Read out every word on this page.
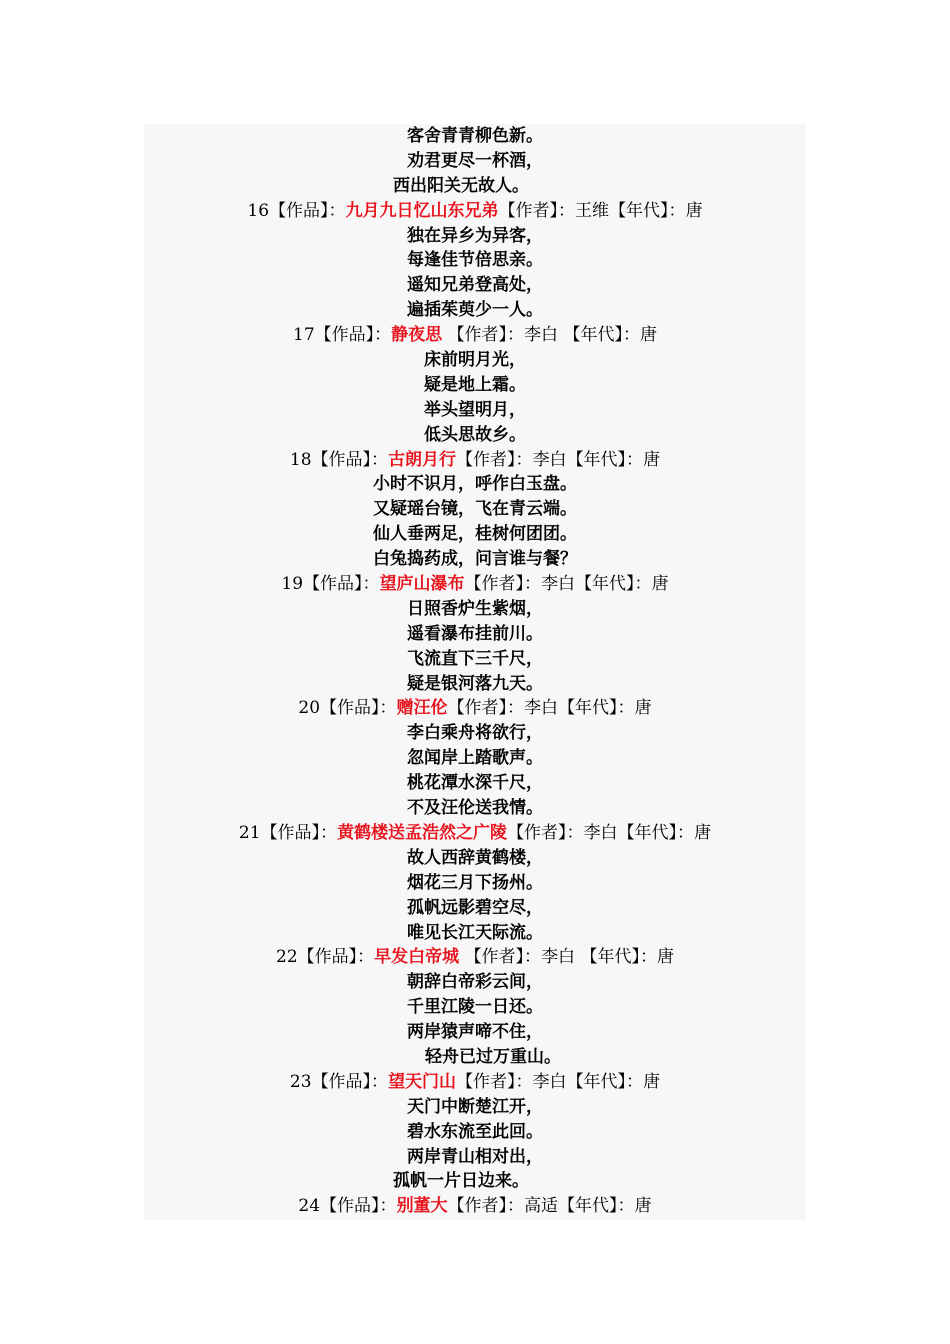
客舍青青柳色新。
劝君更尽一杯酒，
西出阳关无故人。
16【作品】：九月九日忆山东兄弟【作者】：王维【年代】：唐
独在异乡为异客，
每逢佳节倍思亲。
遥知兄弟登高处，
遍插茱萸少一人。
17【作品】：静夜思 【作者】：李白 【年代】：唐
床前明月光，
疑是地上霜。
举头望明月，
低头思故乡。
18【作品】：古朗月行【作者】：李白【年代】：唐
小时不识月，呼作白玉盘。
又疑瑶台镜，飞在青云端。
仙人垂两足，桂树何团团。
白兔捣药成，问言谁与餐？
19【作品】：望庐山瀑布【作者】：李白【年代】：唐
日照香炉生紫烟，
遥看瀑布挂前川。
飞流直下三千尺，
疑是银河落九天。
20【作品】：赠汪伦【作者】：李白【年代】：唐
李白乘舟将欲行，
忽闻岸上踏歌声。
桃花潭水深千尺，
不及汪伦送我情。
21【作品】：黄鹤楼送孟浩然之广陵【作者】：李白【年代】：唐
故人西辞黄鹤楼，
烟花三月下扬州。
孤帆远影碧空尽，
唯见长江天际流。
22【作品】：早发白帝城 【作者】：李白 【年代】：唐
朝辞白帝彩云间，
千里江陵一日还。
两岸猿声啼不住，
轻舟已过万重山。
23【作品】：望天门山【作者】：李白【年代】：唐
天门中断楚江开，
碧水东流至此回。
两岸青山相对出，
孤帆一片日边来。
24【作品】：别董大【作者】：高适【年代】：唐
